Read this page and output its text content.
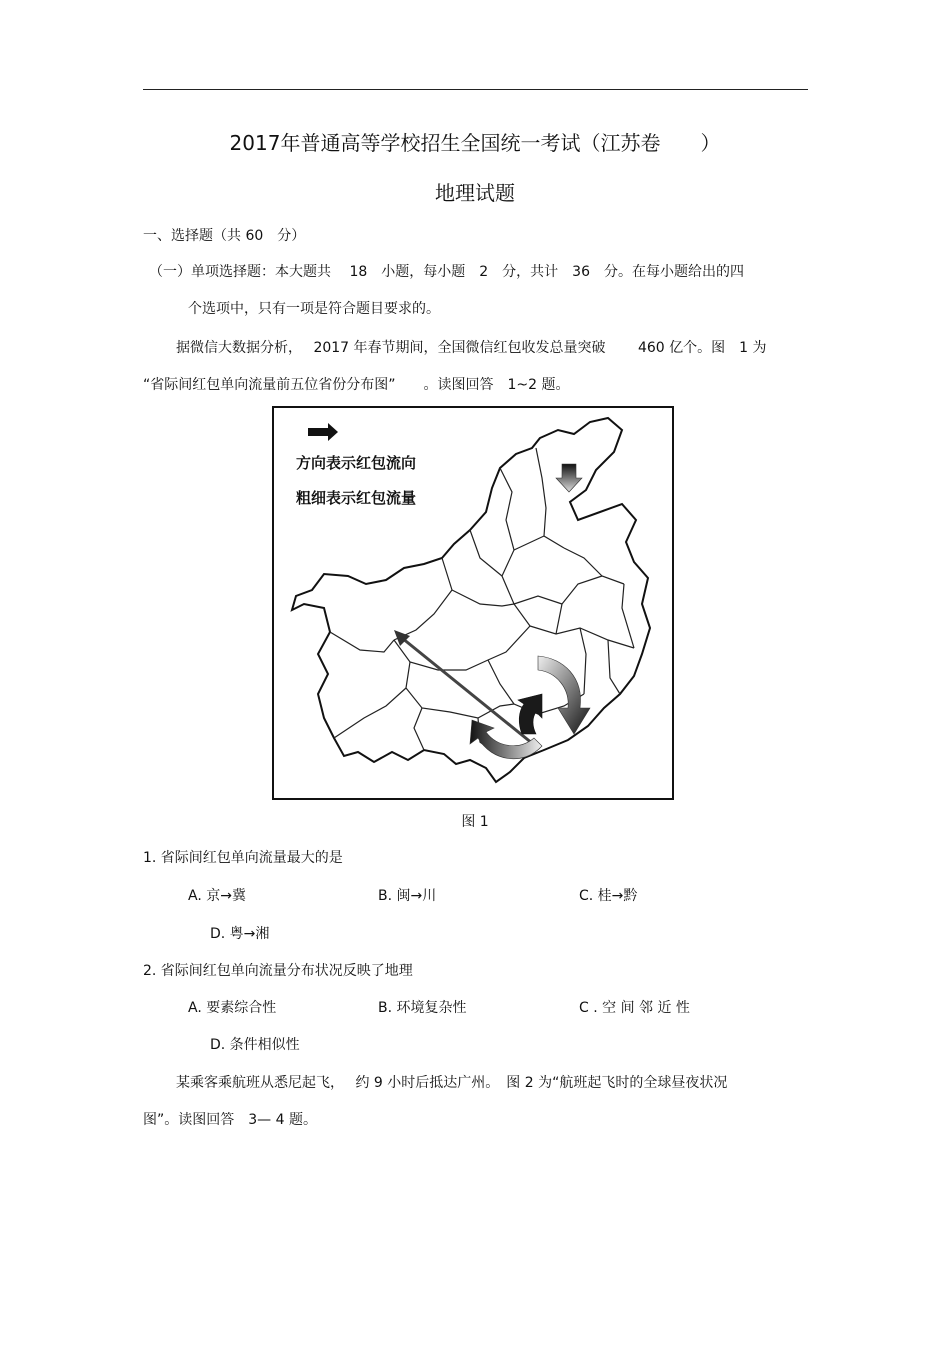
2017年普通高等学校招生全国统一考试（江苏卷　　）
地理试题
一、选择题（共 60　分）
（一）单项选择题：本大题共　 18　小题，每小题　2　分，共计　36　分。在每小题给出的四
个选项中，只有一项是符合题目要求的。
据微信大数据分析，　 2017 年春节期间，全国微信红包收发总量突破　　 460 亿个。图　1 为
“省际间红包单向流量前五位省份分布图”　　。读图回答　1~2 题。
方向表示红包流向
粗细表示红包流量
图 1
1. 省际间红包单向流量最大的是
A. 京→冀	B. 闽→川	C. 桂→黔
D. 粤→湘
2. 省际间红包单向流量分布状况反映了地理
A. 要素综合性	B. 环境复杂性	C . 空 间 邻 近 性
D. 条件相似性
某乘客乘航班从悉尼起飞，　 约 9 小时后抵达广州。　图 2 为“航班起飞时的全球昼夜状况
图”。读图回答　3— 4 题。
